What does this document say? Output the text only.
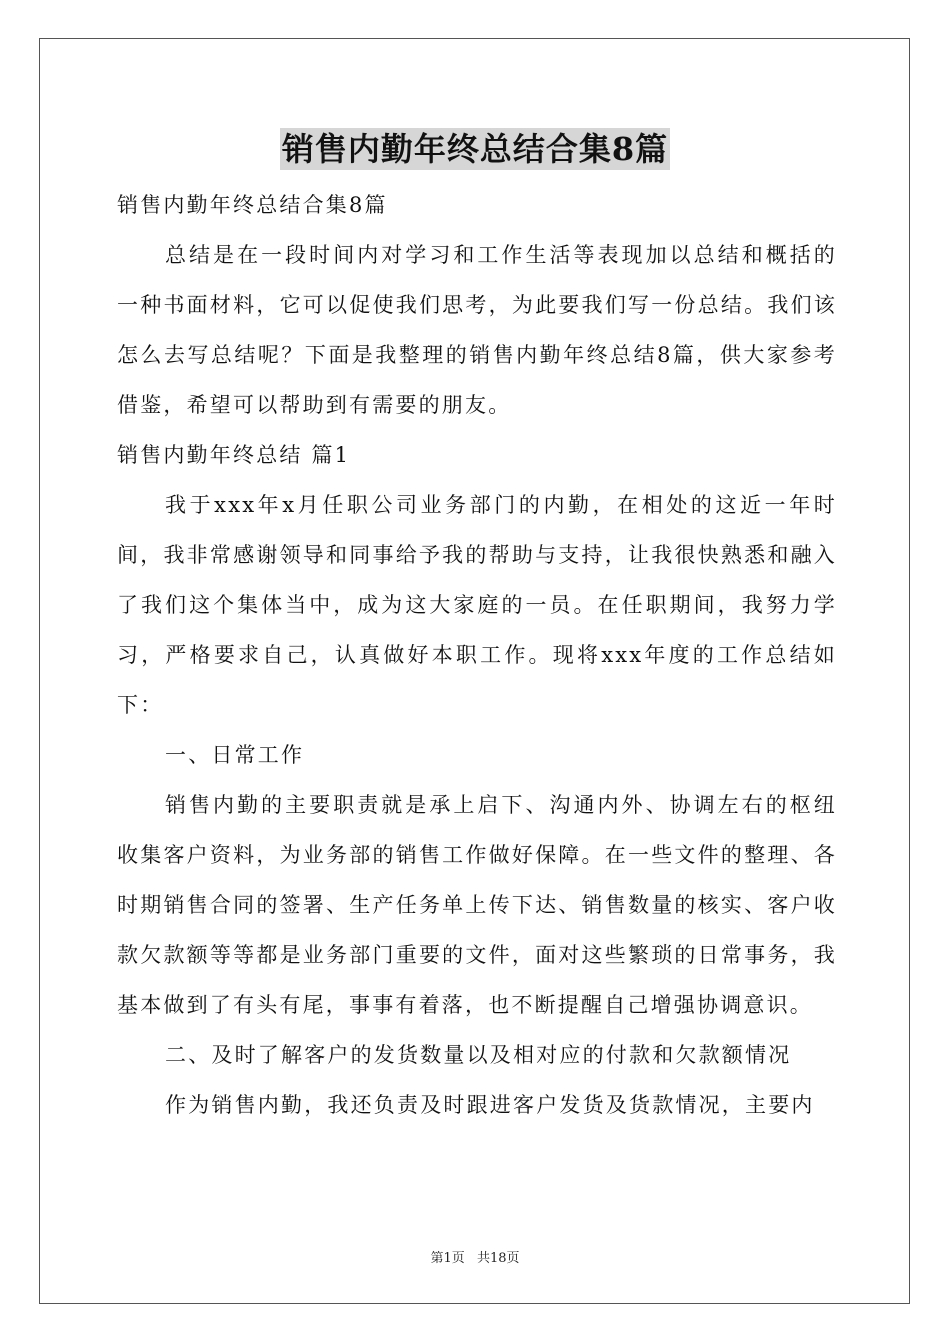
销售内勤年终总结合集8篇

销售内勤年终总结合集8篇

总结是在一段时间内对学习和工作生活等表现加以总结和概括的一种书面材料，它可以促使我们思考，为此要我们写一份总结。我们该怎么去写总结呢？下面是我整理的销售内勤年终总结8篇，供大家参考借鉴，希望可以帮助到有需要的朋友。

销售内勤年终总结 篇1

我于xxx年x月任职公司业务部门的内勤，在相处的这近一年时间，我非常感谢领导和同事给予我的帮助与支持，让我很快熟悉和融入了我们这个集体当中，成为这大家庭的一员。在任职期间，我努力学习，严格要求自己，认真做好本职工作。现将xxx年度的工作总结如下：

一、日常工作

销售内勤的主要职责就是承上启下、沟通内外、协调左右的枢纽收集客户资料，为业务部的销售工作做好保障。在一些文件的整理、各时期销售合同的签署、生产任务单上传下达、销售数量的核实、客户收款欠款额等等都是业务部门重要的文件，面对这些繁琐的日常事务，我基本做到了有头有尾，事事有着落，也不断提醒自己增强协调意识。

二、及时了解客户的发货数量以及相对应的付款和欠款额情况

作为销售内勤，我还负责及时跟进客户发货及货款情况，主要内

第1页 共18页
